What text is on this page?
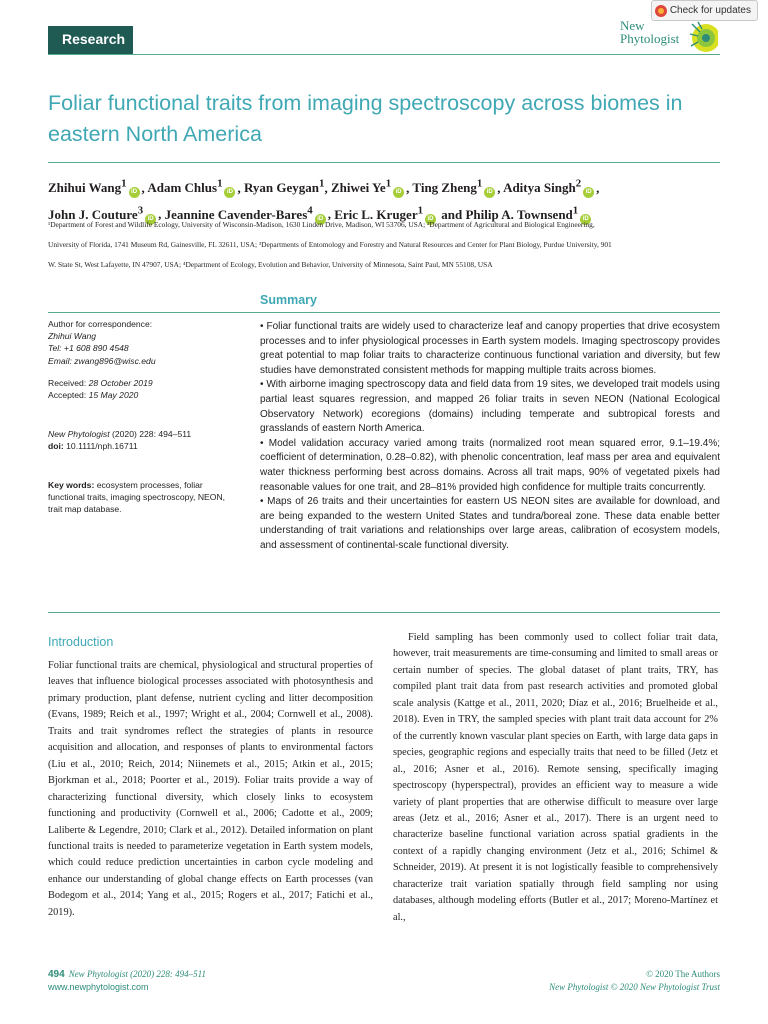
Check for updates
Research
New
Phytologist
Foliar functional traits from imaging spectroscopy across biomes in eastern North America
Zhihui Wang$^1$iD , Adam Chlus$^1$iD , Ryan Geygan$^1$, Zhiwei Ye$^1$iD , Ting Zheng$^1$iD , Aditya Singh$^2$iD ,
John J. Couture$^3$iD , Jeannine Cavender-Bares$^4$iD , Eric L. Kruger$^1$iD and Philip A. Townsend$^1$iD
¹Department of Forest and Wildlife Ecology, University of Wisconsin-Madison, 1630 Linden Drive, Madison, WI 53706, USA; ²Department of Agricultural and Biological Engineering,
University of Florida, 1741 Museum Rd, Gainesville, FL 32611, USA; ³Departments of Entomology and Forestry and Natural Resources and Center for Plant Biology, Purdue University, 901
W. State St, West Lafayette, IN 47907, USA; ⁴Department of Ecology, Evolution and Behavior, University of Minnesota, Saint Paul, MN 55108, USA
Summary
Author for correspondence:
Zhihui Wang
Tel: +1 608 890 4548
Email: zwang896@wisc.edu
Received: 28 October 2019
Accepted: 15 May 2020
New Phytologist (2020) 228: 494–511
doi: 10.1111/nph.16711
Key words: ecosystem processes, foliar functional traits, imaging spectroscopy, NEON, trait map database.

• Foliar functional traits are widely used to characterize leaf and canopy properties that drive ecosystem processes and to infer physiological processes in Earth system models. Imaging spectroscopy provides great potential to map foliar traits to characterize continuous functional variation and diversity, but few studies have demonstrated consistent methods for mapping multiple traits across biomes.

• With airborne imaging spectroscopy data and field data from 19 sites, we developed trait models using partial least squares regression, and mapped 26 foliar traits in seven NEON (National Ecological Observatory Network) ecoregions (domains) including temperate and subtropical forests and grasslands of eastern North America.

• Model validation accuracy varied among traits (normalized root mean squared error, 9.1–19.4%; coefficient of determination, 0.28–0.82), with phenolic concentration, leaf mass per area and equivalent water thickness performing best across domains. Across all trait maps, 90% of vegetated pixels had reasonable values for one trait, and 28–81% provided high confidence for multiple traits concurrently.

• Maps of 26 traits and their uncertainties for eastern US NEON sites are available for download, and are being expanded to the western United States and tundra/boreal zone. These data enable better understanding of trait variations and relationships over large areas, calibration of ecosystem models, and assessment of continental-scale functional diversity.

Introduction

Foliar functional traits are chemical, physiological and structural properties of leaves that influence biological processes associated with photosynthesis and primary production, plant defense, nutrient cycling and litter decomposition (Evans, 1989; Reich et al., 1997; Wright et al., 2004; Cornwell et al., 2008). Traits and trait syndromes reflect the strategies of plants in resource acquisition and allocation, and responses of plants to environmental factors (Liu et al., 2010; Reich, 2014; Niinemets et al., 2015; Atkin et al., 2015; Bjorkman et al., 2018; Poorter et al., 2019). Foliar traits provide a way of characterizing functional diversity, which closely links to ecosystem functioning and productivity (Cornwell et al., 2006; Cadotte et al., 2009; Laliberte & Legendre, 2010; Clark et al., 2012). Detailed information on plant functional traits is needed to parameterize vegetation in Earth system models, which could reduce prediction uncertainties in carbon cycle modeling and enhance our understanding of global change effects on Earth processes (van Bodegom et al., 2014; Yang et al., 2015; Rogers et al., 2017; Fatichi et al., 2019).

Field sampling has been commonly used to collect foliar trait data, however, trait measurements are time-consuming and limited to small areas or certain number of species. The global dataset of plant traits, TRY, has compiled plant trait data from past research activities and promoted global scale analysis (Kattge et al., 2011, 2020; Díaz et al., 2016; Bruelheide et al., 2018). Even in TRY, the sampled species with plant trait data account for 2% of the currently known vascular plant species on Earth, with large data gaps in species, geographic regions and especially traits that need to be filled (Jetz et al., 2016; Asner et al., 2016). Remote sensing, specifically imaging spectroscopy (hyperspectral), provides an efficient way to measure a wide variety of plant properties that are otherwise difficult to measure over large areas (Jetz et al., 2016; Asner et al., 2017). There is an urgent need to characterize baseline functional variation across spatial gradients in the context of a rapidly changing environment (Jetz et al., 2016; Schimel & Schneider, 2019). At present it is not logistically feasible to comprehensively characterize trait variation spatially through field sampling nor using databases, although modeling efforts (Butler et al., 2017; Moreno-Martínez et al.,

494 New Phytologist (2020) 228: 494–511
www.newphytologist.com
© 2020 The Authors
New Phytologist © 2020 New Phytologist Trust
